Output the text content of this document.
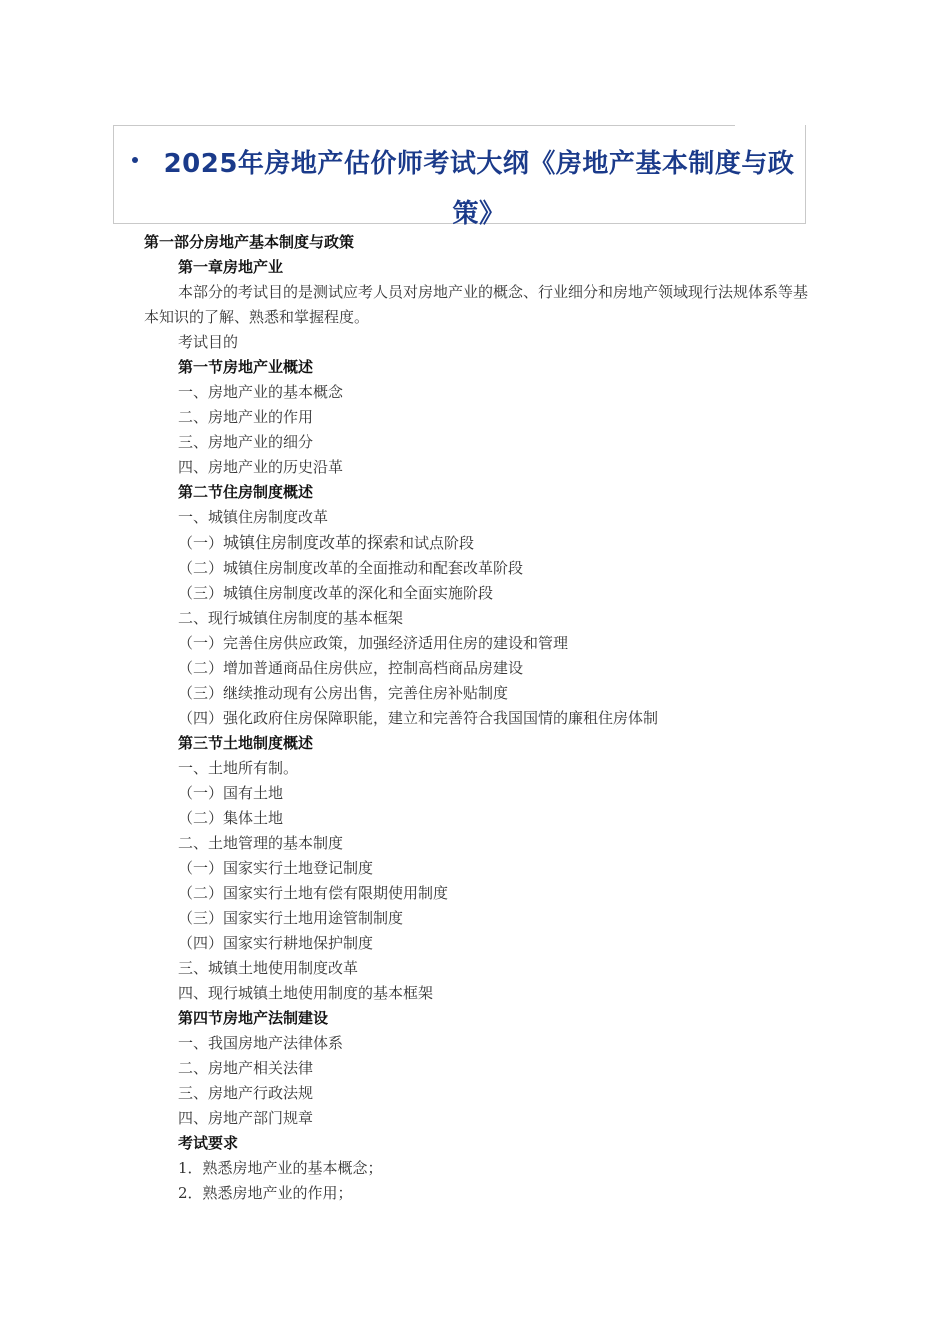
2025年房地产估价师考试大纲《房地产基本制度与政策》
第一部分房地产基本制度与政策
第一章房地产业
本部分的考试目的是测试应考人员对房地产业的概念、行业细分和房地产领域现行法规体系等基本知识的了解、熟悉和掌握程度。
考试目的
第一节房地产业概述
一、房地产业的基本概念
二、房地产业的作用
三、房地产业的细分
四、房地产业的历史沿革
第二节住房制度概述
一、城镇住房制度改革
（一）城镇住房制度改革的探索和试点阶段
（二）城镇住房制度改革的全面推动和配套改革阶段
（三）城镇住房制度改革的深化和全面实施阶段
二、现行城镇住房制度的基本框架
（一）完善住房供应政策，加强经济适用住房的建设和管理
（二）增加普通商品住房供应，控制高档商品房建设
（三）继续推动现有公房出售，完善住房补贴制度
（四）强化政府住房保障职能，建立和完善符合我国国情的廉租住房体制
第三节土地制度概述
一、土地所有制。
（一）国有土地
（二）集体土地
二、土地管理的基本制度
（一）国家实行土地登记制度
（二）国家实行土地有偿有限期使用制度
（三）国家实行土地用途管制制度
（四）国家实行耕地保护制度
三、城镇土地使用制度改革
四、现行城镇土地使用制度的基本框架
第四节房地产法制建设
一、我国房地产法律体系
二、房地产相关法律
三、房地产行政法规
四、房地产部门规章
考试要求
1．熟悉房地产业的基本概念；
2．熟悉房地产业的作用；
